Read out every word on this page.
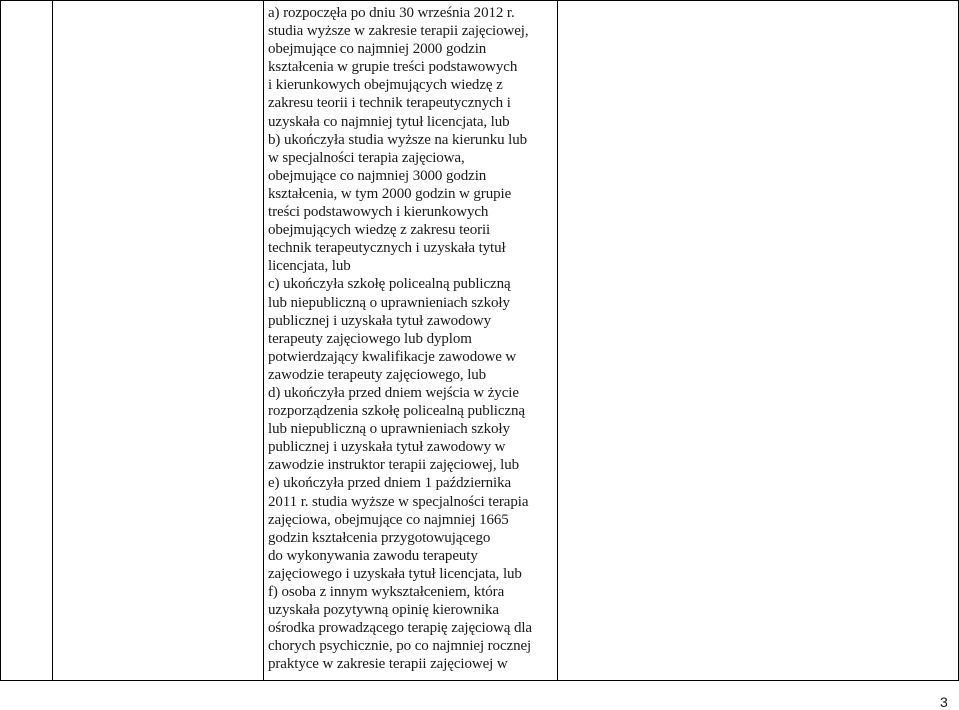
a) rozpoczęła po dniu 30 września 2012 r.

studia wyższe w zakresie terapii zajęciowej,

obejmujące co najmniej 2000 godzin

kształcenia w grupie treści podstawowych

i kierunkowych obejmujących wiedzę z

zakresu teorii i technik terapeutycznych i

uzyskała co najmniej tytuł licencjata, lub

b) ukończyła studia wyższe na kierunku lub

w specjalności terapia zajęciowa,

obejmujące co najmniej 3000 godzin

kształcenia, w tym 2000 godzin w grupie

treści podstawowych i kierunkowych

obejmujących wiedzę z zakresu teorii

technik terapeutycznych i uzyskała tytuł

licencjata, lub

c) ukończyła szkołę policealną publiczną

lub niepubliczną o uprawnieniach szkoły

publicznej i uzyskała tytuł zawodowy

terapeuty zajęciowego lub dyplom

potwierdzający kwalifikacje zawodowe w

zawodzie terapeuty zajęciowego, lub

d) ukończyła przed dniem wejścia w życie

rozporządzenia szkołę policealną publiczną

lub niepubliczną o uprawnieniach szkoły

publicznej i uzyskała tytuł zawodowy w

zawodzie instruktor terapii zajęciowej, lub

e) ukończyła przed dniem 1 października

2011 r. studia wyższe w specjalności terapia

zajęciowa, obejmujące co najmniej 1665

godzin kształcenia przygotowującego

do wykonywania zawodu terapeuty

zajęciowego i uzyskała tytuł licencjata, lub

f) osoba z innym wykształceniem, która

uzyskała pozytywną opinię kierownika

ośrodka prowadzącego terapię zajęciową dla

chorych psychicznie, po co najmniej rocznej

praktyce w zakresie terapii zajęciowej w

3
